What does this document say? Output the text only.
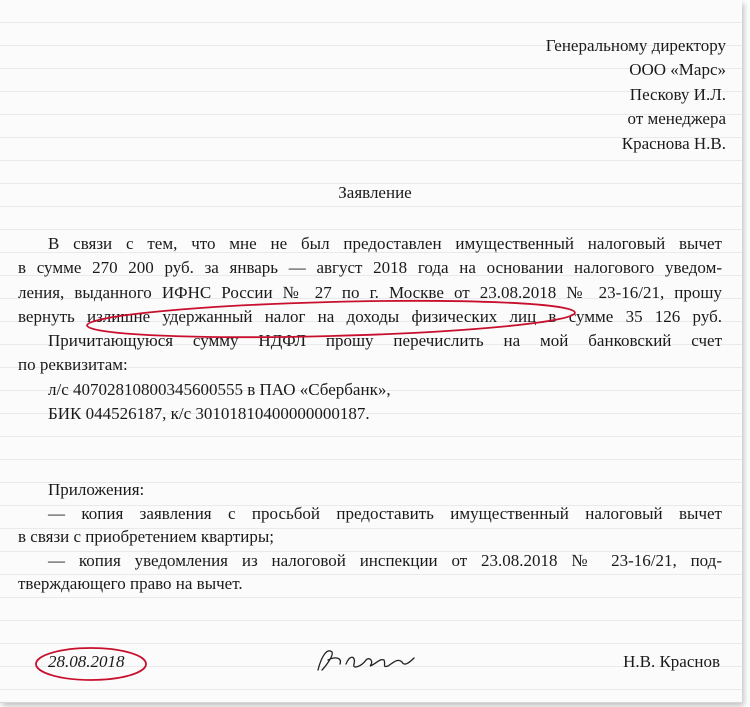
Генеральному директору
ООО «Марс»
Пескову И.Л.
от менеджера
Краснова Н.В.
Заявление
В связи с тем, что мне не был предоставлен имущественный налоговый вычет
в сумме 270 200 руб. за январь — август 2018 года на основании налогового уведом-
ления, выданного ИФНС России № 27 по г. Москве от 23.08.2018 № 23-16/21, прошу
вернуть излишне удержанный налог на доходы физических лиц в сумме 35 126 руб.
Причитающуюся сумму НДФЛ прошу перечислить на мой банковский счет
по реквизитам:
л/с 40702810800345600555 в ПАО «Сбербанк»,
БИК 044526187, к/с 30101810400000000187.
Приложения:
— копия заявления с просьбой предоставить имущественный налоговый вычет
в связи с приобретением квартиры;
— копия уведомления из налоговой инспекции от 23.08.2018 № 23-16/21, под-
тверждающего право на вычет.
28.08.2018	Н.В. Краснов
